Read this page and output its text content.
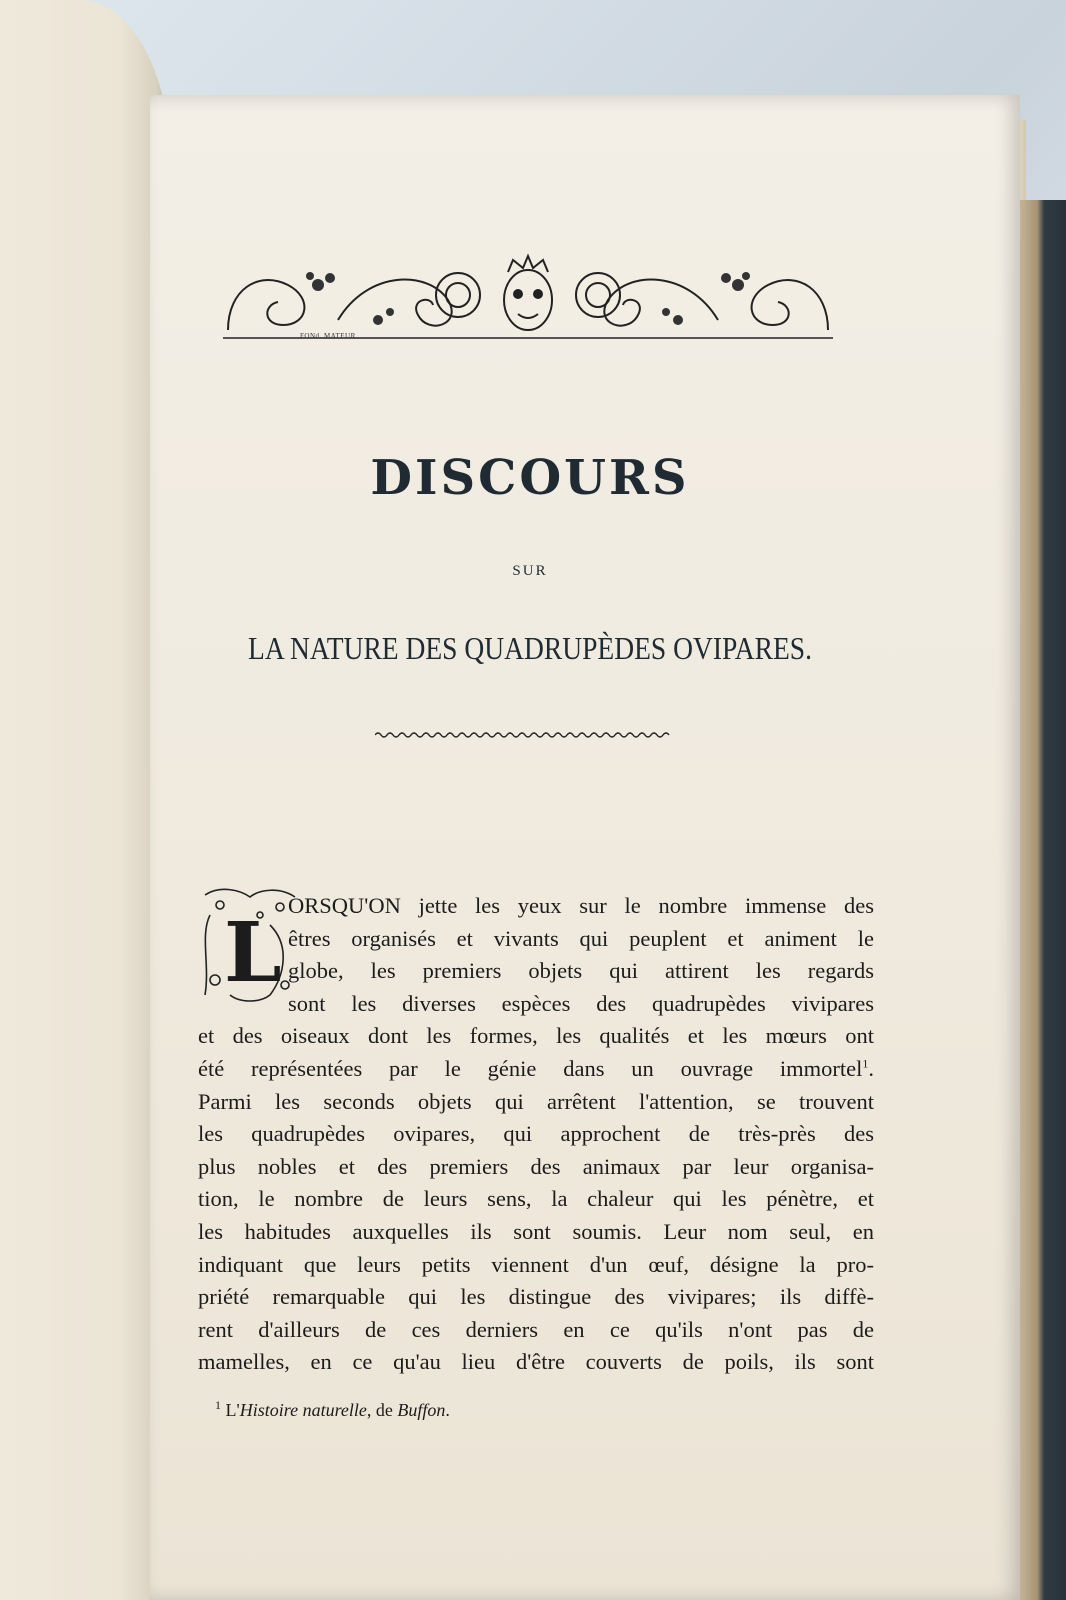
FONd. MATEUR.
DISCOURS
SUR
LA NATURE DES QUADRUPÈDES OVIPARES.
L ORSQU'ON jette les yeux sur le nombre immense des
êtres organisés et vivants qui peuplent et animent le
globe, les premiers objets qui attirent les regards
sont les diverses espèces des quadrupèdes vivipares
et des oiseaux dont les formes, les qualités et les mœurs ont
été représentées par le génie dans un ouvrage immortel$^1$.
Parmi les seconds objets qui arrêtent l'attention, se trouvent
les quadrupèdes ovipares, qui approchent de très-près des
plus nobles et des premiers des animaux par leur organisa-
tion, le nombre de leurs sens, la chaleur qui les pénètre, et
les habitudes auxquelles ils sont soumis. Leur nom seul, en
indiquant que leurs petits viennent d'un œuf, désigne la pro-
priété remarquable qui les distingue des vivipares; ils diffè-
rent d'ailleurs de ces derniers en ce qu'ils n'ont pas de
mamelles, en ce qu'au lieu d'être couverts de poils, ils sont
$^1$ L'Histoire naturelle, de Buffon.
